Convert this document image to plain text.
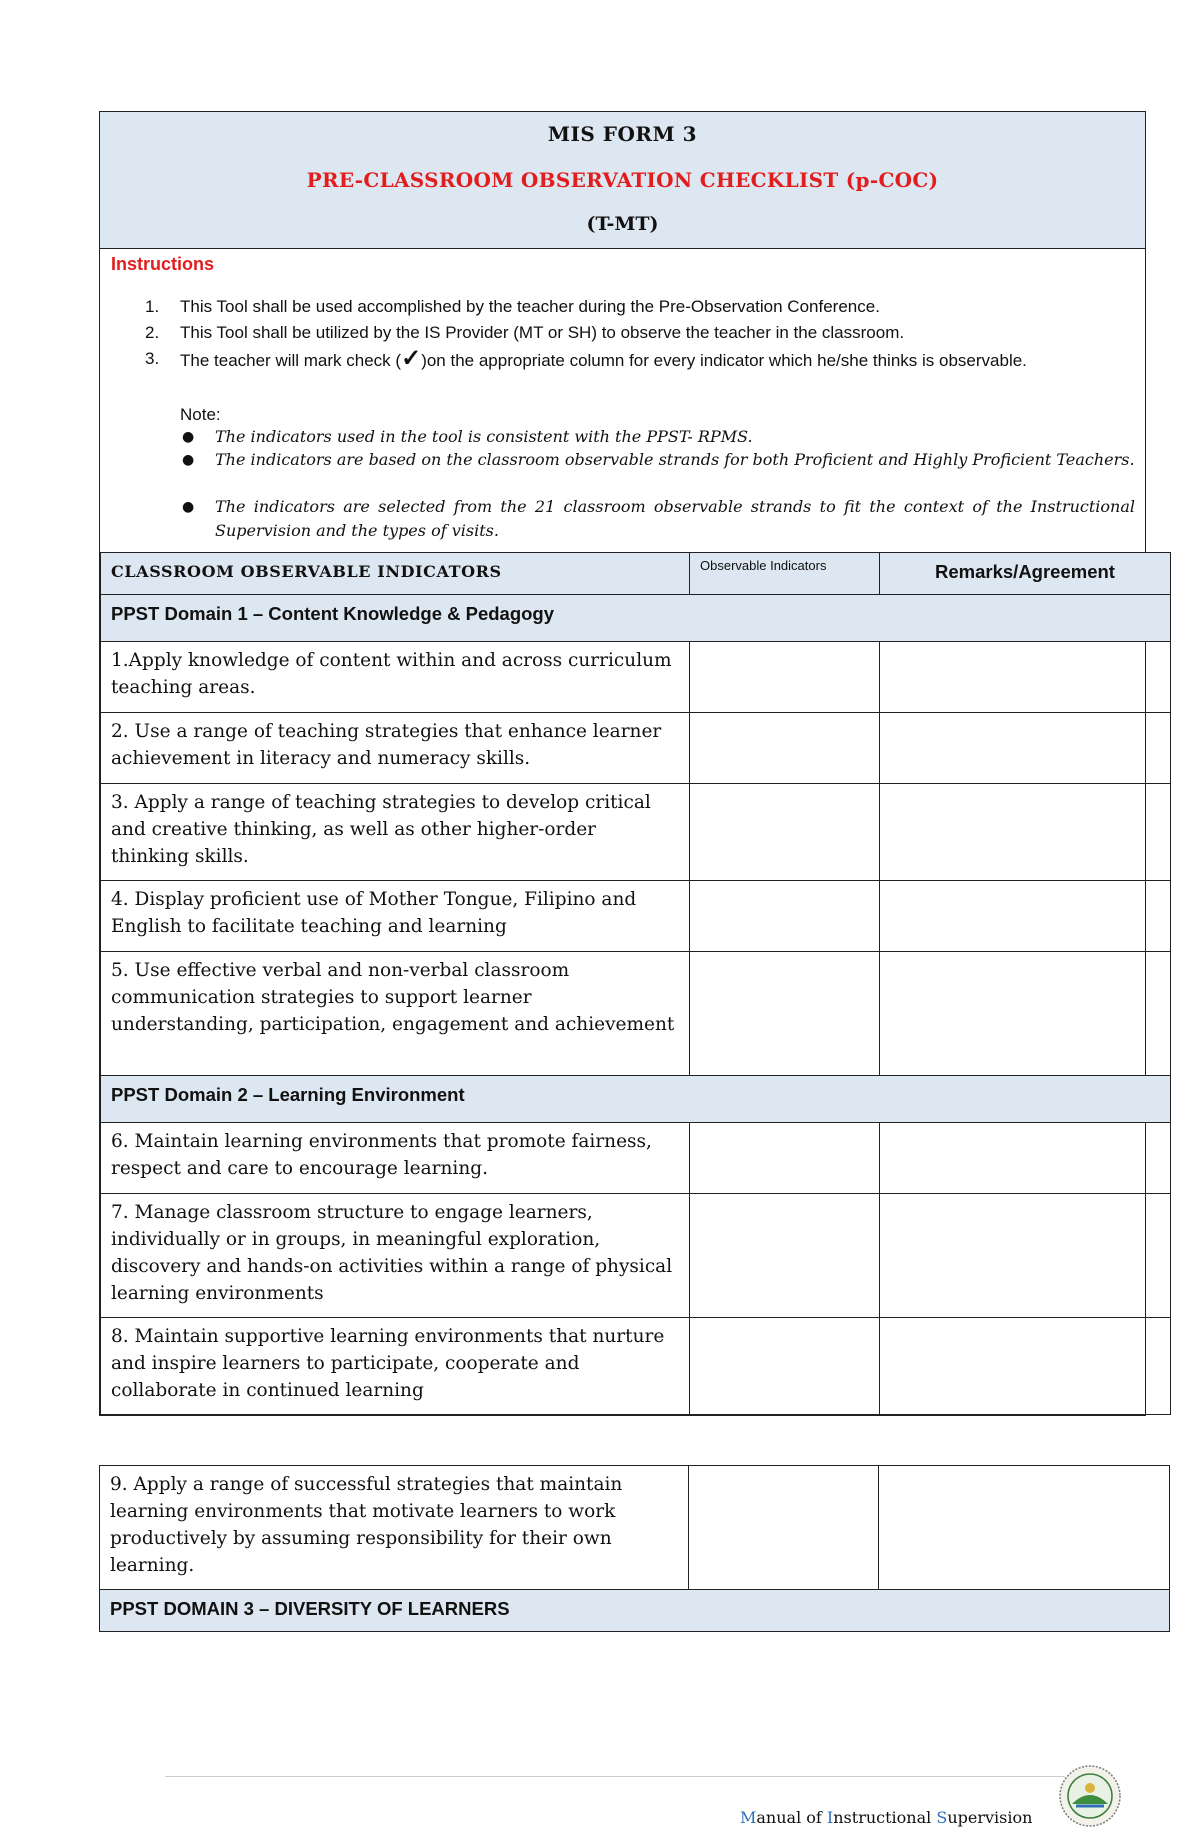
MIS FORM 3
PRE-CLASSROOM OBSERVATION CHECKLIST (p-COC)
(T-MT)
Instructions
1. This Tool shall be used accomplished by the teacher during the Pre-Observation Conference.
2. This Tool shall be utilized by the IS Provider (MT or SH) to observe the teacher in the classroom.
3. The teacher will mark check (✓)on the appropriate column for every indicator which he/she thinks is observable.
Note:
● The indicators used in the tool is consistent with the PPST- RPMS.
● The indicators are based on the classroom observable strands for both Proficient and Highly Proficient Teachers.
● The indicators are selected from the 21 classroom observable strands to fit the context of the Instructional Supervision and the types of visits.
CLASSROOM OBSERVABLE INDICATORS	Observable Indicators	Remarks/Agreement
PPST Domain 1 – Content Knowledge & Pedagogy		
1.Apply knowledge of content within and across curriculum teaching areas.		
2. Use a range of teaching strategies that enhance learner achievement in literacy and numeracy skills.		
3. Apply a range of teaching strategies to develop critical and creative thinking, as well as other higher-order thinking skills.		
4. Display proficient use of Mother Tongue, Filipino and English to facilitate teaching and learning		
5. Use effective verbal and non-verbal classroom communication strategies to support learner understanding, participation, engagement and achievement		
PPST Domain 2 – Learning Environment		
6. Maintain learning environments that promote fairness, respect and care to encourage learning.		
7. Manage classroom structure to engage learners, individually or in groups, in meaningful exploration, discovery and hands-on activities within a range of physical learning environments		
8. Maintain supportive learning environments that nurture and inspire learners to participate, cooperate and collaborate in continued learning		
9. Apply a range of successful strategies that maintain learning environments that motivate learners to work productively by assuming responsibility for their own learning.		
PPST DOMAIN 3 – DIVERSITY OF LEARNERS
Manual of Instructional Supervision
